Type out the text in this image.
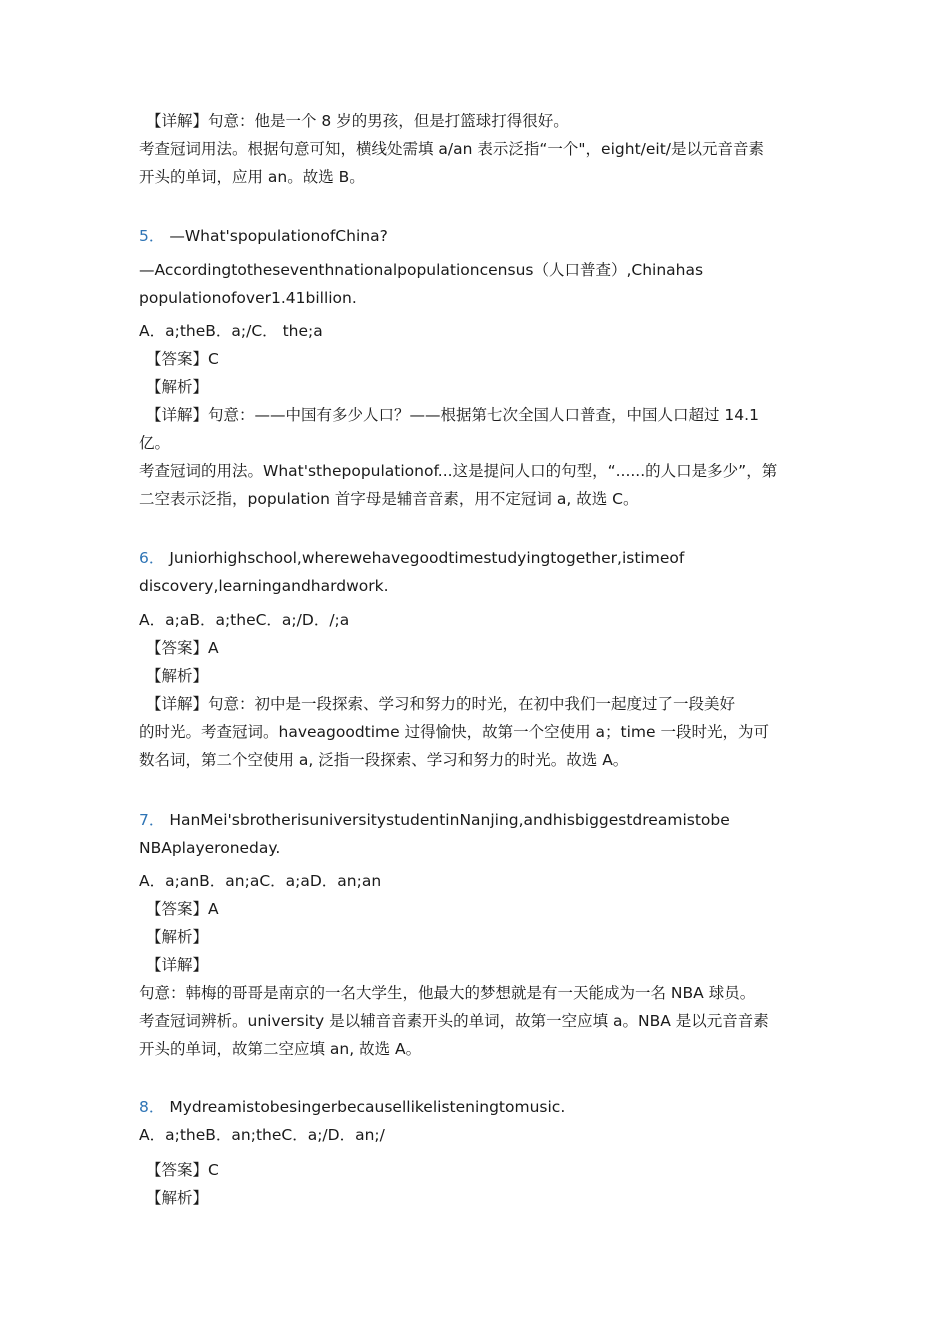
【详解】句意：他是一个 8 岁的男孩，但是打篮球打得很好。
考查冠词用法。根据句意可知，横线处需填 a/an 表示泛指“一个"，eight/eit/是以元音音素
开头的单词，应用 an。故选 B。
5． —What'spopulationofChina?
—Accordingtotheseventhnationalpopulationcensus（人口普查）,Chinahas
populationofover1.41billion.
A．a;theB．a;/C． the;a
【答案】C
【解析】
【详解】句意：——中国有多少人口？——根据第七次全国人口普查，中国人口超过 14.1
亿。
考查冠词的用法。What'sthepopulationof...这是提问人口的句型，“......的人口是多少”，第
二空表示泛指，population 首字母是辅音音素，用不定冠词 a, 故选 C。
6． Juniorhighschool,wherewehavegoodtimestudyingtogether,istimeof
discovery,learningandhardwork.
A．a;aB．a;theC．a;/D．/;a
【答案】A
【解析】
【详解】句意：初中是一段探索、学习和努力的时光，在初中我们一起度过了一段美好
的时光。考查冠词。haveagoodtime 过得愉快，故第一个空使用 a；time 一段时光，为可
数名词，第二个空使用 a, 泛指一段探索、学习和努力的时光。故选 A。
7． HanMei'sbrotherisuniversitystudentinNanjing,andhisbiggestdreamistobe
NBAplayeroneday.
A．a;anB．an;aC．a;aD．an;an
【答案】A
【解析】
【详解】
句意：韩梅的哥哥是南京的一名大学生，他最大的梦想就是有一天能成为一名 NBA 球员。
考查冠词辨析。university 是以辅音音素开头的单词，故第一空应填 a。NBA 是以元音音素
开头的单词，故第二空应填 an, 故选 A。
8． Mydreamistobesingerbecausellikelisteningtomusic.
A．a;theB．an;theC．a;/D．an;/
【答案】C
【解析】
